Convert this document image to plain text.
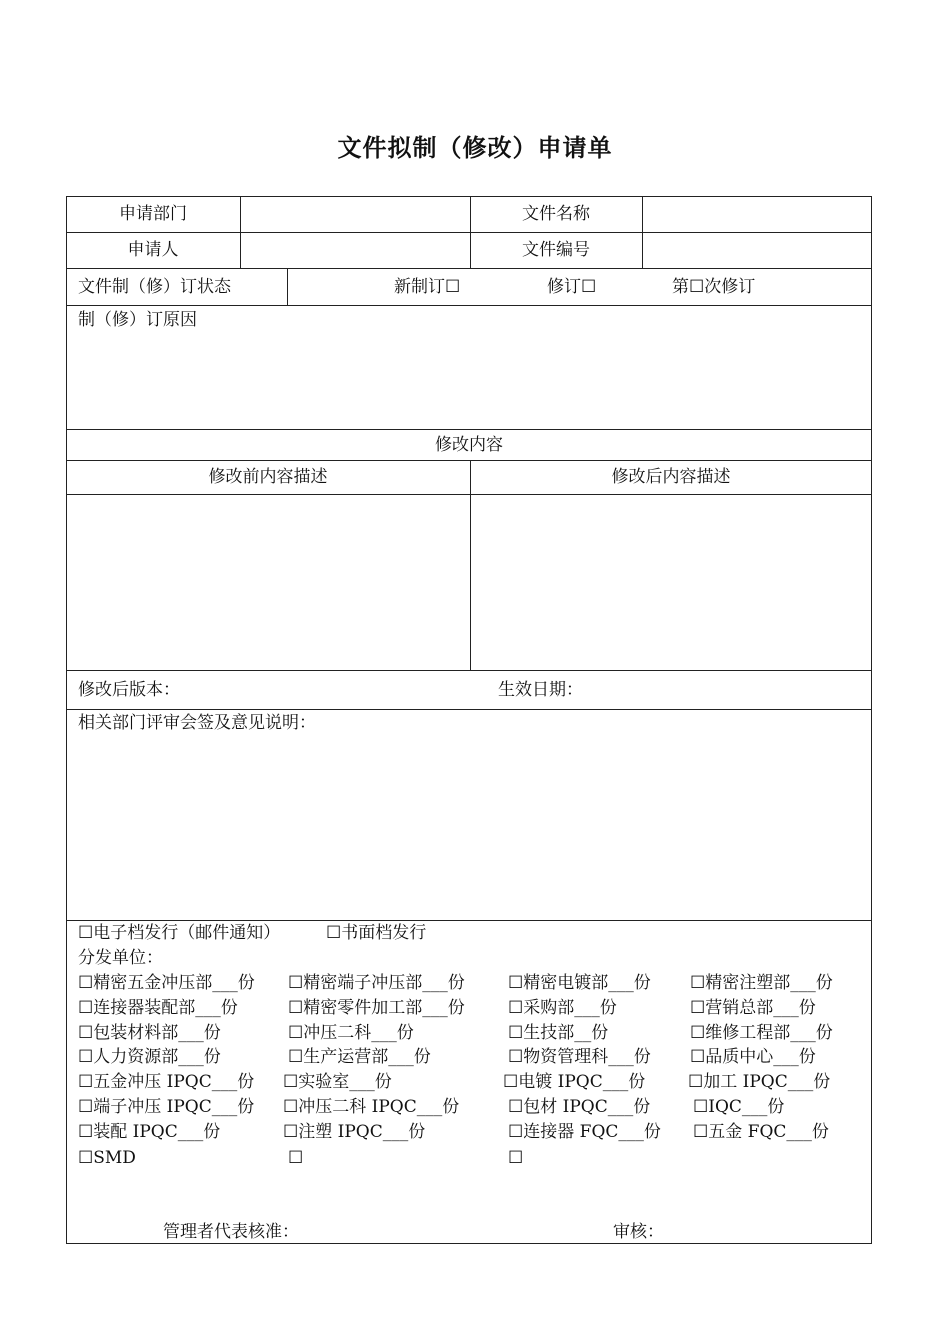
文件拟制（修改）申请单
申请部门	文件名称
申请人	文件编号
文件制（修）订状态	新制订☐	修订☐	第☐次修订
制（修）订原因
修改内容
修改前内容描述	修改后内容描述
修改后版本：	生效日期：
相关部门评审会签及意见说明：
☐电子档发行（邮件通知）	☐书面档发行
分发单位：
☐精密五金冲压部___份 ☐精密端子冲压部___份	☐精密电镀部___份 ☐精密注塑部___份
☐连接器装配部___份	☐精密零件加工部___份	☐采购部___份	☐营销总部___份
☐包装材料部___份	☐冲压二科___份	☐生技部__份	☐维修工程部___份
☐人力资源部___份	☐生产运营部___份	☐物资管理科___份 ☐品质中心___份
☐五金冲压 IPQC___份 ☐实验室___份	☐电镀 IPQC___份	☐加工 IPQC___份
☐端子冲压 IPQC___份 ☐冲压二科 IPQC___份	☐包材 IPQC___份	☐IQC___份
☐装配 IPQC___份	☐注塑 IPQC___份	☐连接器 FQC___份 ☐五金 FQC___份
☐SMD	☐	☐
管理者代表核准：	审核：
